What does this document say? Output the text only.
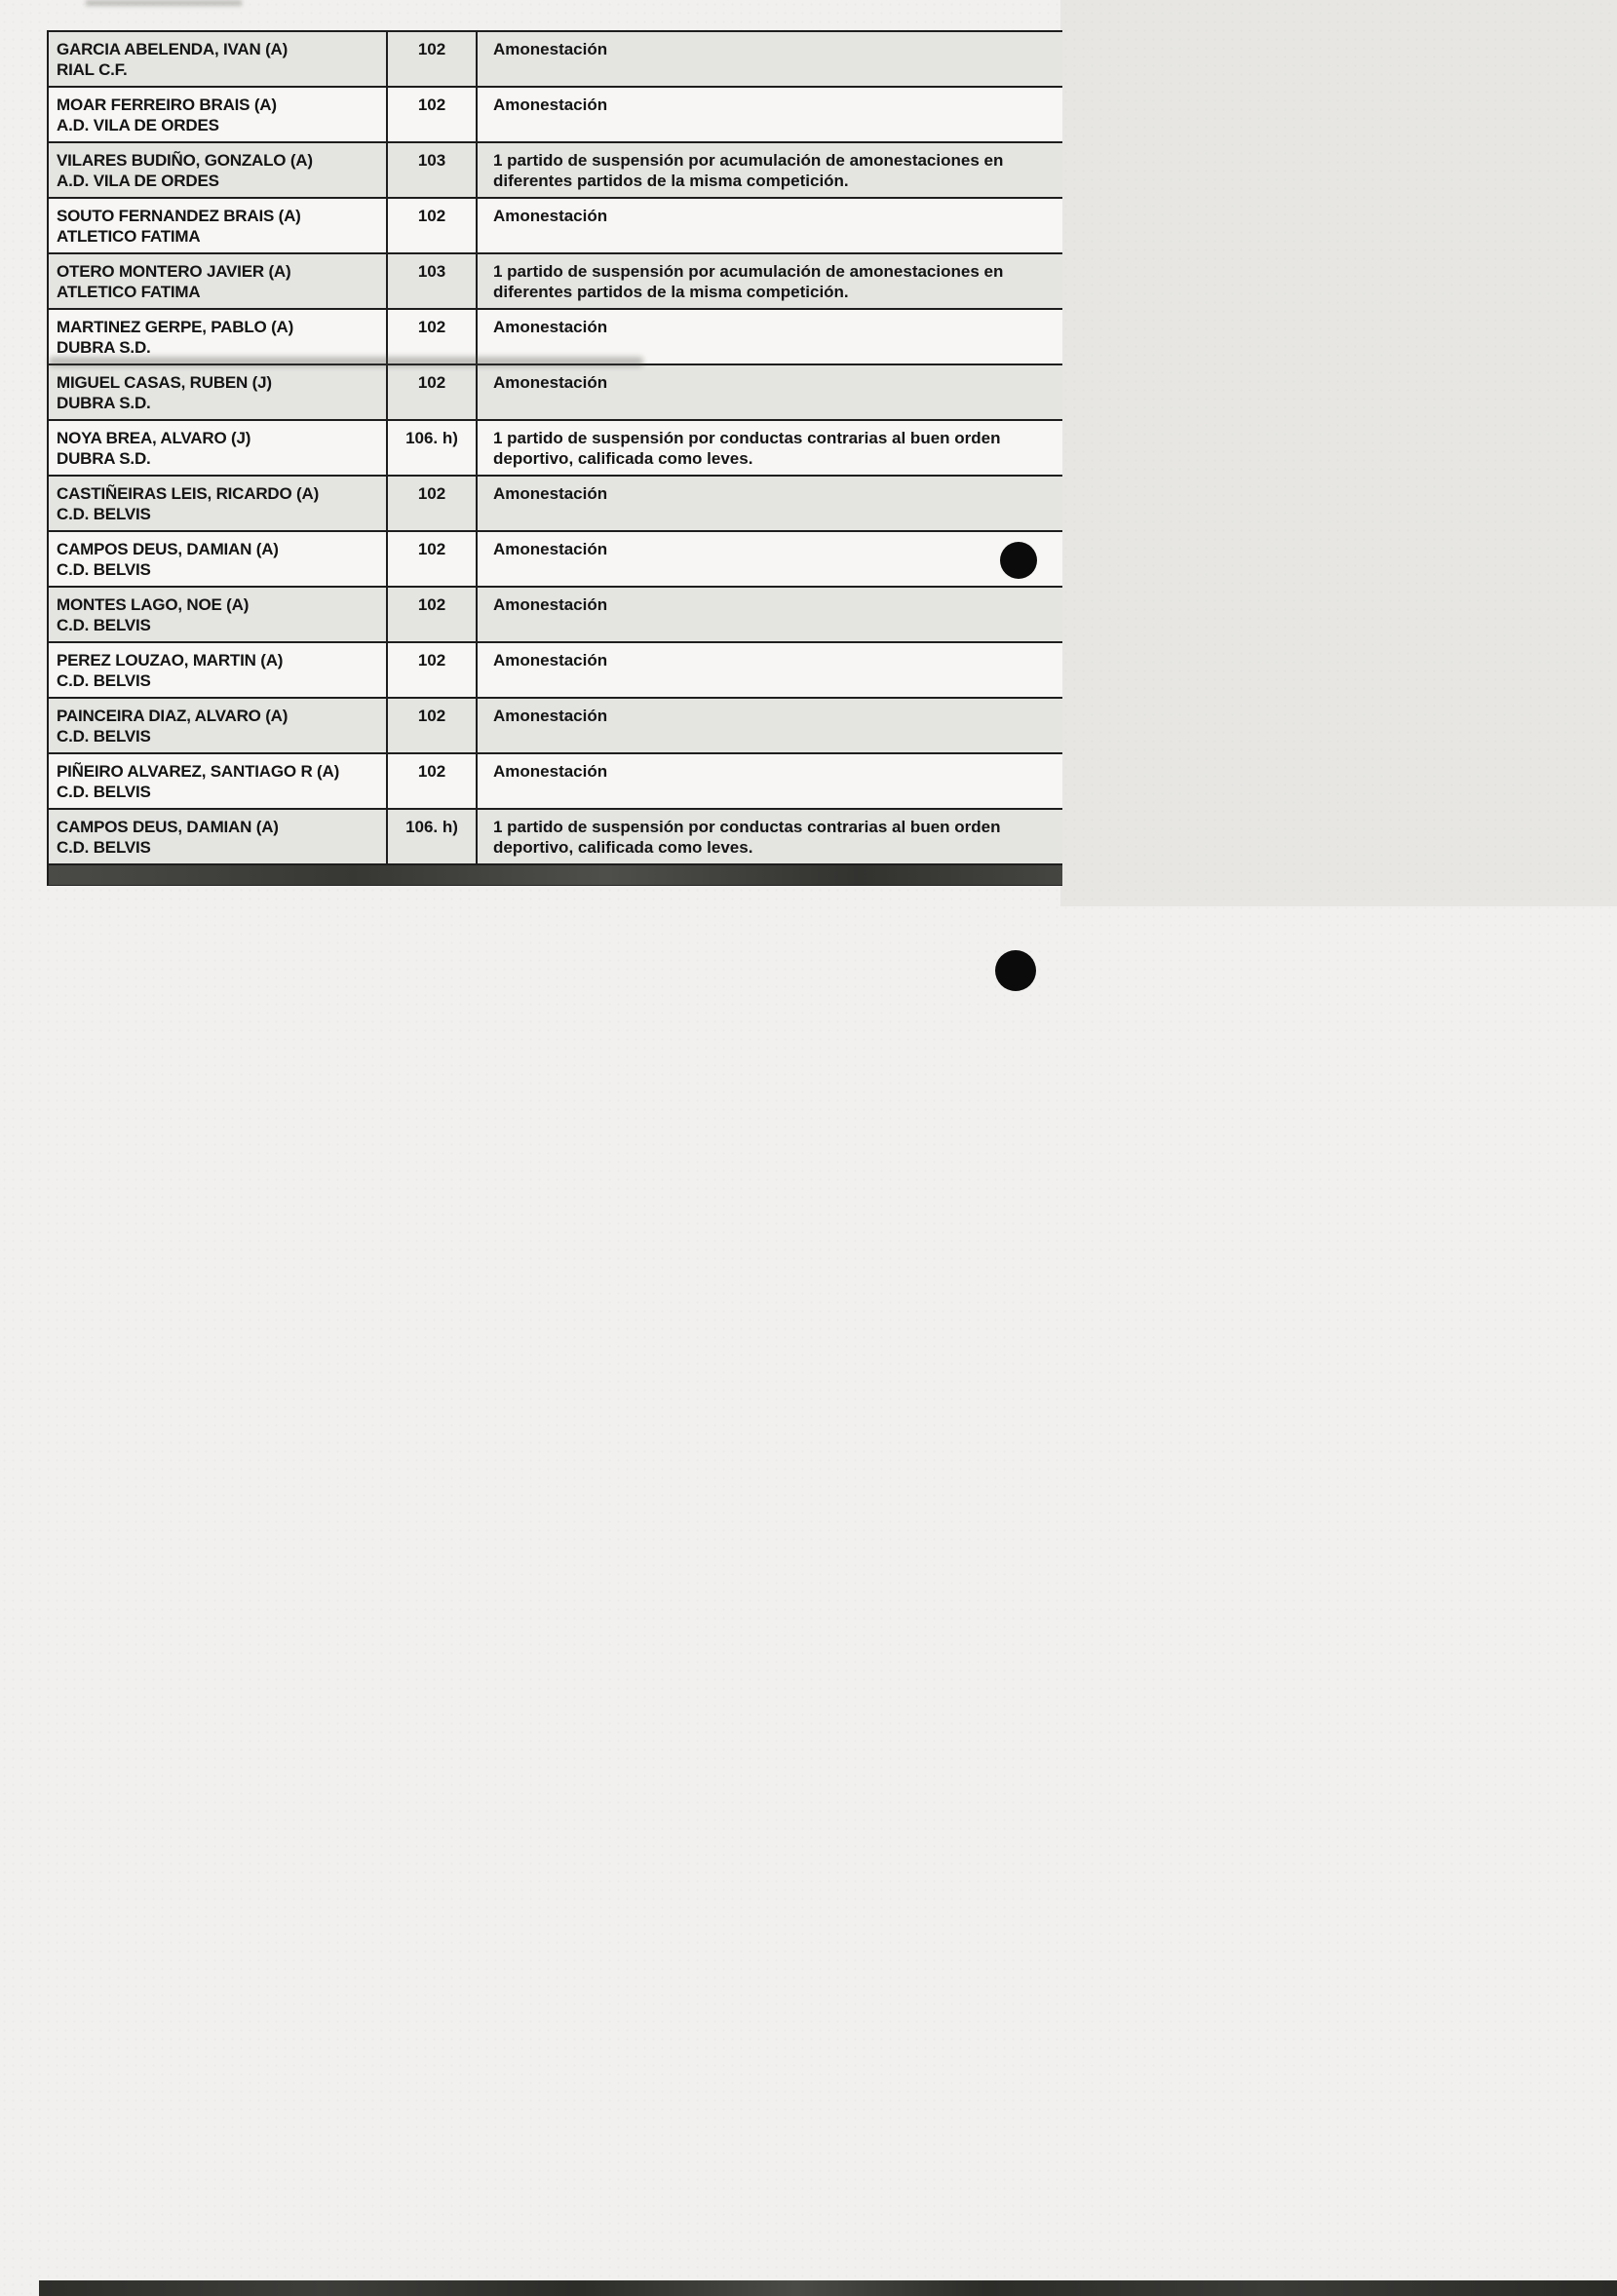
GARCIA ABELENDA, IVAN (A)
RIAL C.F.
102	Amonestación
MOAR FERREIRO BRAIS (A)
A.D. VILA DE ORDES
102	Amonestación
VILARES BUDIÑO, GONZALO (A)
A.D. VILA DE ORDES
103	1 partido de suspensión por acumulación de amonestaciones en diferentes partidos de la misma competición.
SOUTO FERNANDEZ BRAIS (A)
ATLETICO FATIMA
102	Amonestación
OTERO MONTERO JAVIER (A)
ATLETICO FATIMA
103	1 partido de suspensión por acumulación de amonestaciones en diferentes partidos de la misma competición.
MARTINEZ GERPE, PABLO (A)
DUBRA S.D.
102	Amonestación
MIGUEL CASAS, RUBEN (J)
DUBRA S.D.
102	Amonestación
NOYA BREA, ALVARO (J)
DUBRA S.D.
106. h)	1 partido de suspensión por conductas contrarias al buen orden deportivo, calificada como leves.
CASTIÑEIRAS LEIS, RICARDO (A)
C.D. BELVIS
102	Amonestación
CAMPOS DEUS, DAMIAN (A)
C.D. BELVIS
102	Amonestación
MONTES LAGO, NOE (A)
C.D. BELVIS
102	Amonestación
PEREZ LOUZAO, MARTIN (A)
C.D. BELVIS
102	Amonestación
PAINCEIRA DIAZ, ALVARO (A)
C.D. BELVIS
102	Amonestación
PIÑEIRO ALVAREZ, SANTIAGO R (A)
C.D. BELVIS
102	Amonestación
CAMPOS DEUS, DAMIAN (A)
C.D. BELVIS
106. h)	1 partido de suspensión por conductas contrarias al buen orden deportivo, calificada como leves.
